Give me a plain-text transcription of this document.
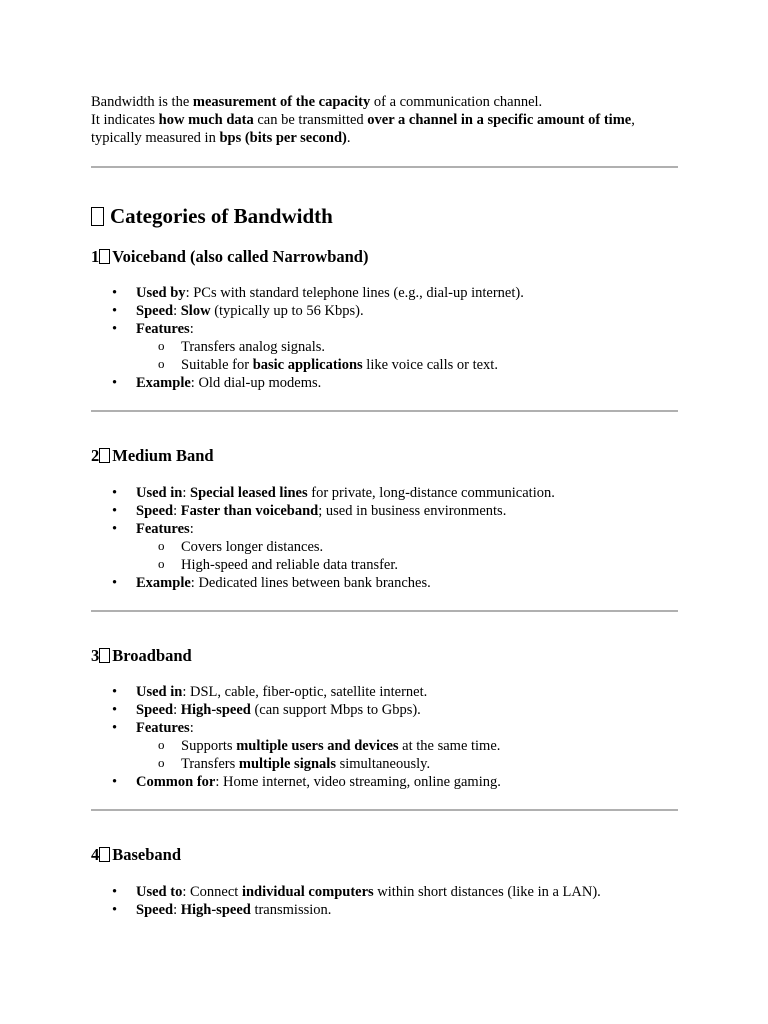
Bandwidth is the measurement of the capacity of a communication channel.

It indicates how much data can be transmitted over a channel in a specific amount of time,

typically measured in bps (bits per second).

Categories of Bandwidth
1 Voiceband (also called Narrowband)
• Used by: PCs with standard telephone lines (e.g., dial-up internet).
• Speed: Slow (typically up to 56 Kbps).
• Features:
o Transfers analog signals.
o Suitable for basic applications like voice calls or text.
• Example: Old dial-up modems.
2 Medium Band
• Used in: Special leased lines for private, long-distance communication.
• Speed: Faster than voiceband; used in business environments.
• Features:
o Covers longer distances.
o High-speed and reliable data transfer.
• Example: Dedicated lines between bank branches.
3 Broadband
• Used in: DSL, cable, fiber-optic, satellite internet.
• Speed: High-speed (can support Mbps to Gbps).
• Features:
o Supports multiple users and devices at the same time.
o Transfers multiple signals simultaneously.
• Common for: Home internet, video streaming, online gaming.
4 Baseband
• Used to: Connect individual computers within short distances (like in a LAN).
• Speed: High-speed transmission.
